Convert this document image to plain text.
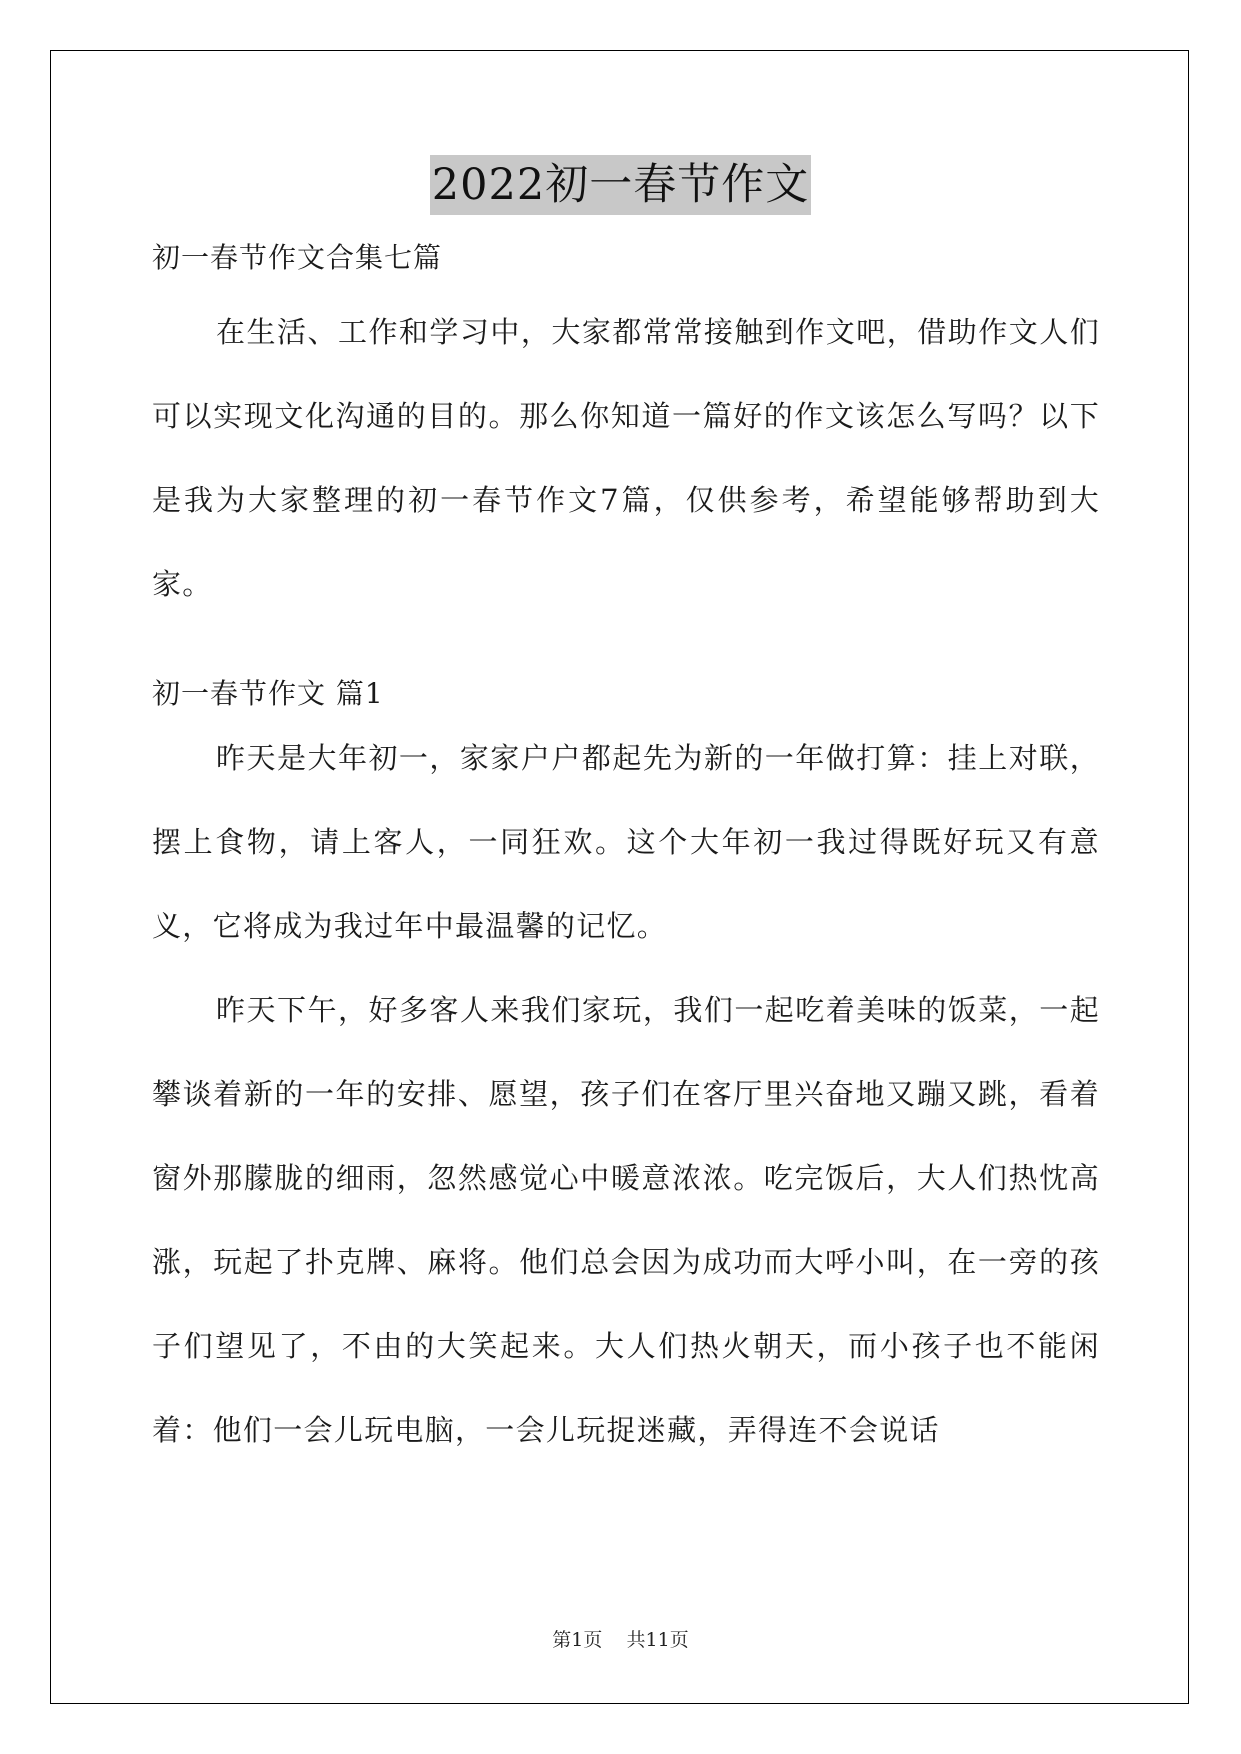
2022初一春节作文
初一春节作文合集七篇

在生活、工作和学习中，大家都常常接触到作文吧，借助作文人们可以实现文化沟通的目的。那么你知道一篇好的作文该怎么写吗？以下是我为大家整理的初一春节作文7篇，仅供参考，希望能够帮助到大家。

初一春节作文 篇1

昨天是大年初一，家家户户都起先为新的一年做打算：挂上对联，摆上食物，请上客人，一同狂欢。这个大年初一我过得既好玩又有意义，它将成为我过年中最温馨的记忆。

昨天下午，好多客人来我们家玩，我们一起吃着美味的饭菜，一起攀谈着新的一年的安排、愿望，孩子们在客厅里兴奋地又蹦又跳，看着窗外那朦胧的细雨，忽然感觉心中暖意浓浓。吃完饭后，大人们热忱高涨，玩起了扑克牌、麻将。他们总会因为成功而大呼小叫，在一旁的孩子们望见了，不由的大笑起来。大人们热火朝天，而小孩子也不能闲着：他们一会儿玩电脑，一会儿玩捉迷藏，弄得连不会说话

第1页    共11页
